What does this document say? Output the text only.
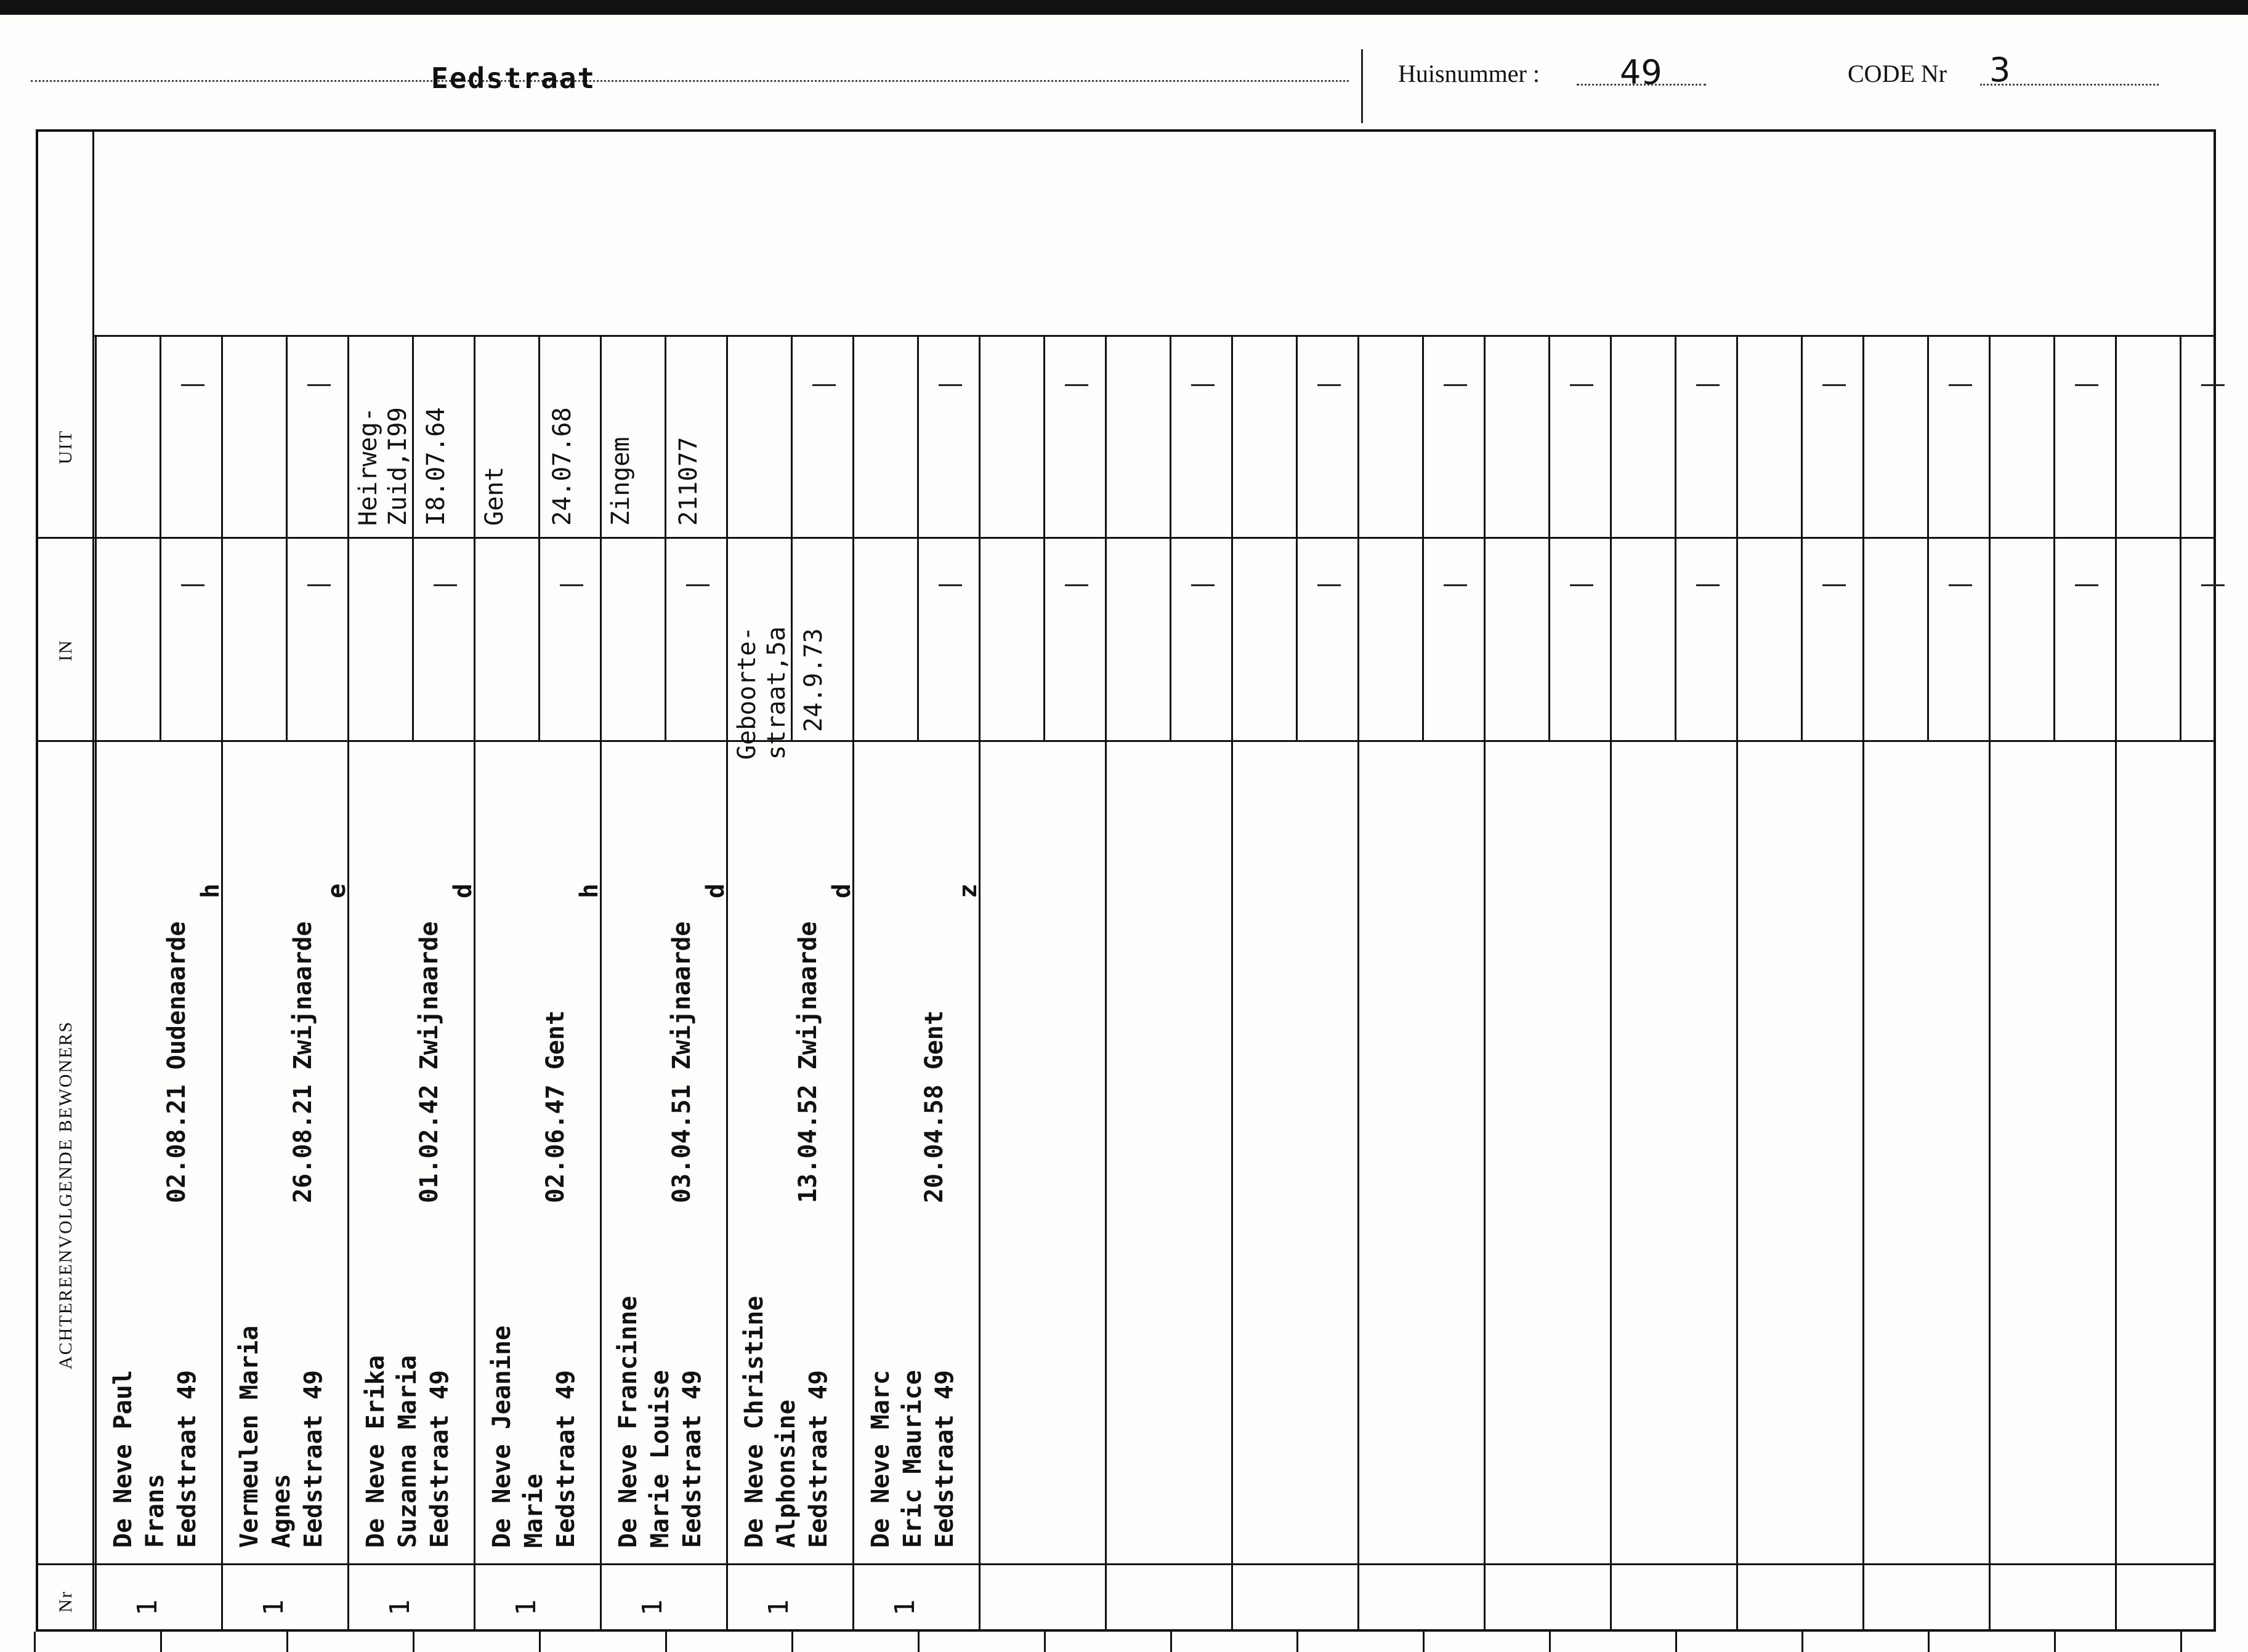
Eedstraat	Huisnummer : 49	CODE Nr 3
UIT
IN
ACHTEREENVOLGENDE BEWONERS
Nr
De Neve Paul Frans Eedstraat 49
02.08.21 Oudenaarde
h
1
Vermeulen Maria Agnes Eedstraat 49
26.08.21 Zwijnaarde
e
1
De Neve Erika Suzanna Maria Eedstraat 49
01.02.42 Zwijnaarde
d
1
Heirweg- Zuid,I99 I8.07.64
De Neve Jeanine Marie Eedstraat 49
02.06.47 Gent
h
1
Gent 24.07.68
De Neve Francinne Marie Louise Eedstraat 49
03.04.51 Zwijnaarde
d
1
Zingem 211077
De Neve Christine Alphonsine Eedstraat 49
13.04.52 Zwijnaarde
d
1
Geboorte- straat,5a 24.9.73
De Neve Marc Eric Maurice Eedstraat 49
20.04.58 Gent
z
1
